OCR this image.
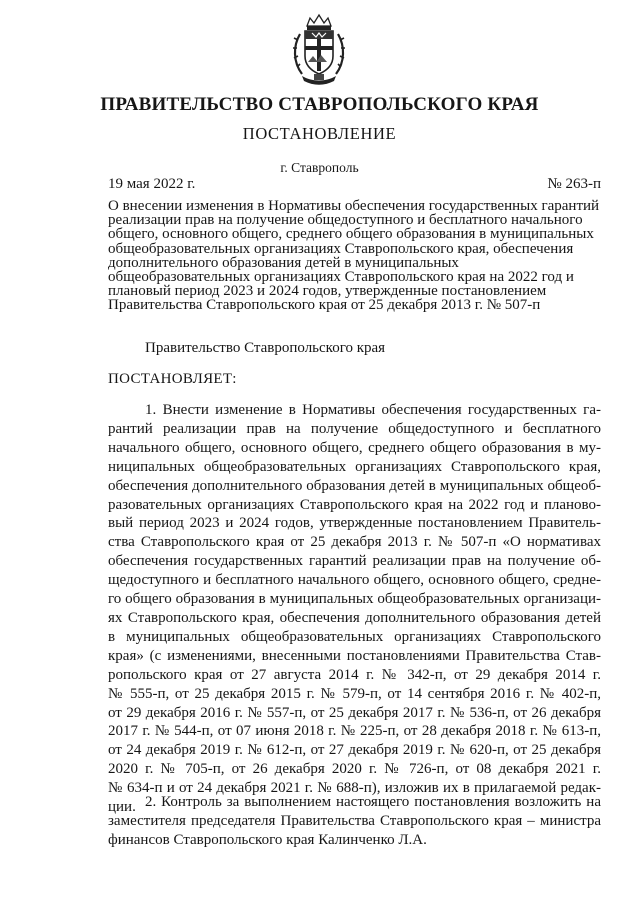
ПРАВИТЕЛЬСТВО СТАВРОПОЛЬСКОГО КРАЯ
ПОСТАНОВЛЕНИЕ
г. Ставрополь
19 мая 2022 г.	№ 263-п
О внесении изменения в Нормативы обеспечения государственных гарантий реализации прав на получение общедоступного и бесплатного начального общего, основного общего, среднего общего образования в муниципальных общеобразовательных организациях Ставропольского края, обеспечения дополнительного образования детей в муниципальных общеобразовательных организациях Ставропольского края на 2022 год и плановый период 2023 и 2024 годов, утвержденные постановлением Правительства Ставропольского края от 25 декабря 2013 г. № 507-п
Правительство Ставропольского края
ПОСТАНОВЛЯЕТ:
1. Внести изменение в Нормативы обеспечения государственных га-
рантий реализации прав на получение общедоступного и бесплатного
начального общего, основного общего, среднего общего образования в му-
ниципальных общеобразовательных организациях Ставропольского края,
обеспечения дополнительного образования детей в муниципальных общеоб-
разовательных организациях Ставропольского края на 2022 год и планово-
вый период 2023 и 2024 годов, утвержденные постановлением Правитель-
ства Ставропольского края от 25 декабря 2013 г. № 507-п «О нормативах
обеспечения государственных гарантий реализации прав на получение об-
щедоступного и бесплатного начального общего, основного общего, средне-
го общего образования в муниципальных общеобразовательных организаци-
ях Ставропольского края, обеспечения дополнительного образования детей
в муниципальных общеобразовательных организациях Ставропольского
края» (с изменениями, внесенными постановлениями Правительства Став-
ропольского края от 27 августа 2014 г. № 342-п, от 29 декабря 2014 г.
№ 555-п, от 25 декабря 2015 г. № 579-п, от 14 сентября 2016 г. № 402-п,
от 29 декабря 2016 г. № 557-п, от 25 декабря 2017 г. № 536-п, от 26 декабря
2017 г. № 544-п, от 07 июня 2018 г. № 225-п, от 28 декабря 2018 г. № 613-п,
от 24 декабря 2019 г. № 612-п, от 27 декабря 2019 г. № 620-п, от 25 декабря
2020 г. № 705-п, от 26 декабря 2020 г. № 726-п, от 08 декабря 2021 г.
№ 634-п и от 24 декабря 2021 г. № 688-п), изложив их в прилагаемой редак-
ции. 2. Контроль за выполнением настоящего постановления возложить на
заместителя председателя Правительства Ставропольского края – министра
финансов Ставропольского края Калинченко Л.А.
